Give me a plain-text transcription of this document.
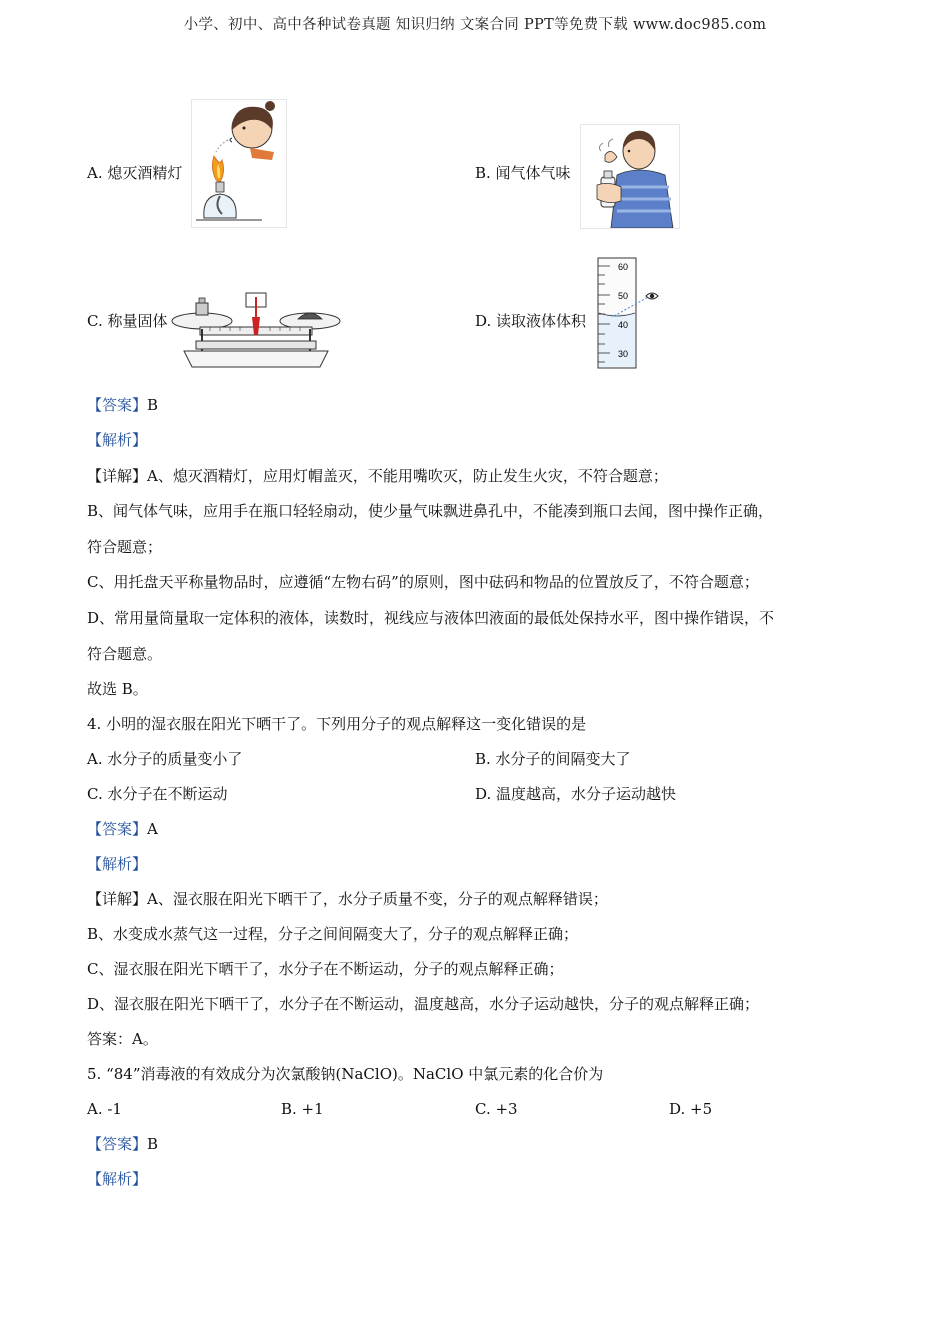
小学、初中、高中各种试卷真题 知识归纳 文案合同 PPT等免费下载 www.doc985.com
A. 熄灭酒精灯	B. 闻气体气味
C. 称量固体	D. 读取液体体积
60
50
40
30
【答案】B
【解析】
【详解】A、熄灭酒精灯，应用灯帽盖灭，不能用嘴吹灭，防止发生火灾，不符合题意；
B、闻气体气味，应用手在瓶口轻轻扇动，使少量气味飘进鼻孔中，不能凑到瓶口去闻，图中操作正确，
符合题意；
C、用托盘天平称量物品时，应遵循“左物右码”的原则，图中砝码和物品的位置放反了，不符合题意；
D、常用量筒量取一定体积的液体，读数时，视线应与液体凹液面的最低处保持水平，图中操作错误，不
符合题意。
故选 B。
4. 小明的湿衣服在阳光下晒干了。下列用分子的观点解释这一变化错误的是
A. 水分子的质量变小了	B. 水分子的间隔变大了
C. 水分子在不断运动	D. 温度越高，水分子运动越快
【答案】A
【解析】
【详解】A、湿衣服在阳光下晒干了，水分子质量不变，分子的观点解释错误；
B、水变成水蒸气这一过程，分子之间间隔变大了，分子的观点解释正确；
C、湿衣服在阳光下晒干了，水分子在不断运动，分子的观点解释正确；
D、湿衣服在阳光下晒干了，水分子在不断运动，温度越高，水分子运动越快，分子的观点解释正确；
答案：A。
5. “84”消毒液的有效成分为次氯酸钠(NaClO)。NaClO 中氯元素的化合价为
A. -1	B. +1	C. +3	D. +5
【答案】B
【解析】
